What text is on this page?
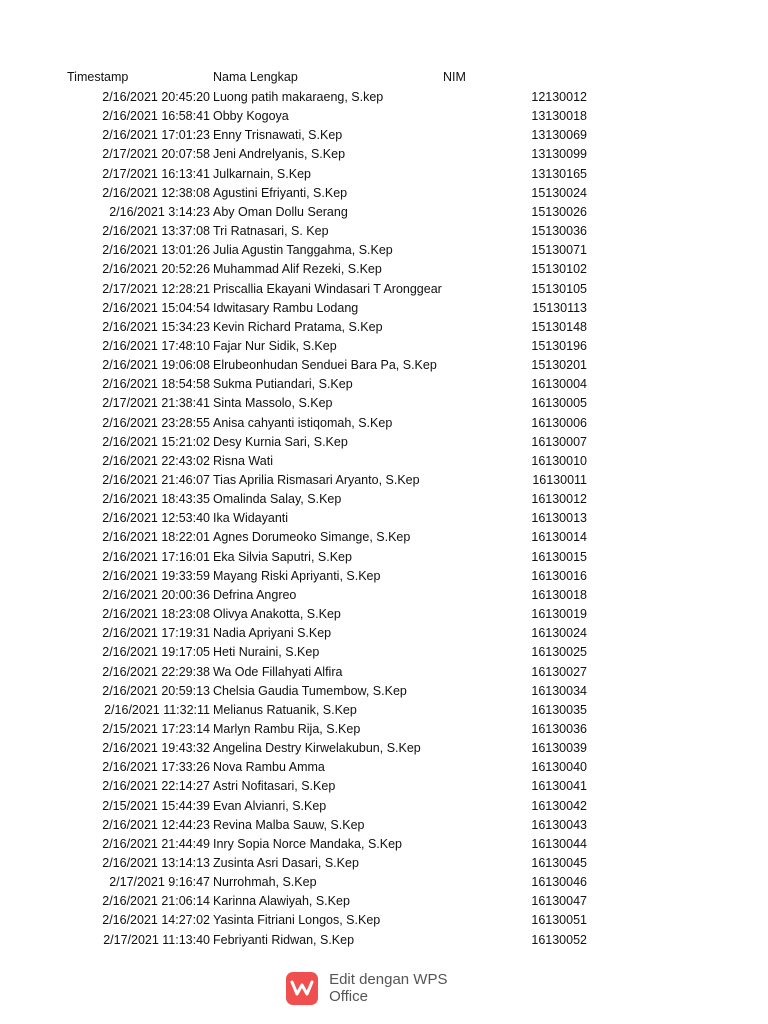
Timestamp	Nama Lengkap	NIM
2/16/2021 20:45:20 Luong patih makaraeng, S.kep	12130012
2/16/2021 16:58:41 Obby Kogoya	13130018
2/16/2021 17:01:23 Enny Trisnawati, S.Kep	13130069
2/17/2021 20:07:58 Jeni Andrelyanis, S.Kep	13130099
2/17/2021 16:13:41 Julkarnain, S.Kep	13130165
2/16/2021 12:38:08 Agustini Efriyanti, S.Kep	15130024
2/16/2021 3:14:23 Aby Oman Dollu Serang	15130026
2/16/2021 13:37:08 Tri Ratnasari, S. Kep	15130036
2/16/2021 13:01:26 Julia Agustin Tanggahma, S.Kep	15130071
2/16/2021 20:52:26 Muhammad Alif Rezeki, S.Kep	15130102
2/17/2021 12:28:21 Priscallia Ekayani Windasari T Aronggear	15130105
2/16/2021 15:04:54 Idwitasary Rambu Lodang	15130113
2/16/2021 15:34:23 Kevin Richard Pratama, S.Kep	15130148
2/16/2021 17:48:10 Fajar Nur Sidik, S.Kep	15130196
2/16/2021 19:06:08 Elrubeonhudan Senduei Bara Pa, S.Kep	15130201
2/16/2021 18:54:58 Sukma Putiandari, S.Kep	16130004
2/17/2021 21:38:41 Sinta Massolo, S.Kep	16130005
2/16/2021 23:28:55 Anisa cahyanti istiqomah, S.Kep	16130006
2/16/2021 15:21:02 Desy Kurnia Sari, S.Kep	16130007
2/16/2021 22:43:02 Risna Wati	16130010
2/16/2021 21:46:07 Tias Aprilia Rismasari Aryanto, S.Kep	16130011
2/16/2021 18:43:35 Omalinda Salay, S.Kep	16130012
2/16/2021 12:53:40 Ika Widayanti	16130013
2/16/2021 18:22:01 Agnes Dorumeoko Simange, S.Kep	16130014
2/16/2021 17:16:01 Eka Silvia Saputri, S.Kep	16130015
2/16/2021 19:33:59 Mayang Riski Apriyanti, S.Kep	16130016
2/16/2021 20:00:36 Defrina Angreo	16130018
2/16/2021 18:23:08 Olivya Anakotta, S.Kep	16130019
2/16/2021 17:19:31 Nadia Apriyani S.Kep	16130024
2/16/2021 19:17:05 Heti Nuraini, S.Kep	16130025
2/16/2021 22:29:38 Wa Ode Fillahyati Alfira	16130027
2/16/2021 20:59:13 Chelsia Gaudia Tumembow, S.Kep	16130034
2/16/2021 11:32:11 Melianus Ratuanik, S.Kep	16130035
2/15/2021 17:23:14 Marlyn Rambu Rija, S.Kep	16130036
2/16/2021 19:43:32 Angelina Destry Kirwelakubun, S.Kep	16130039
2/16/2021 17:33:26 Nova Rambu Amma	16130040
2/16/2021 22:14:27 Astri Nofitasari, S.Kep	16130041
2/15/2021 15:44:39 Evan Alvianri, S.Kep	16130042
2/16/2021 12:44:23 Revina Malba Sauw, S.Kep	16130043
2/16/2021 21:44:49 Inry Sopia Norce Mandaka, S.Kep	16130044
2/16/2021 13:14:13 Zusinta Asri Dasari, S.Kep	16130045
2/17/2021 9:16:47 Nurrohmah, S.Kep	16130046
2/16/2021 21:06:14 Karinna Alawiyah, S.Kep	16130047
2/16/2021 14:27:02 Yasinta Fitriani Longos, S.Kep	16130051
2/17/2021 11:13:40 Febriyanti Ridwan, S.Kep	16130052
Edit dengan WPS Office
